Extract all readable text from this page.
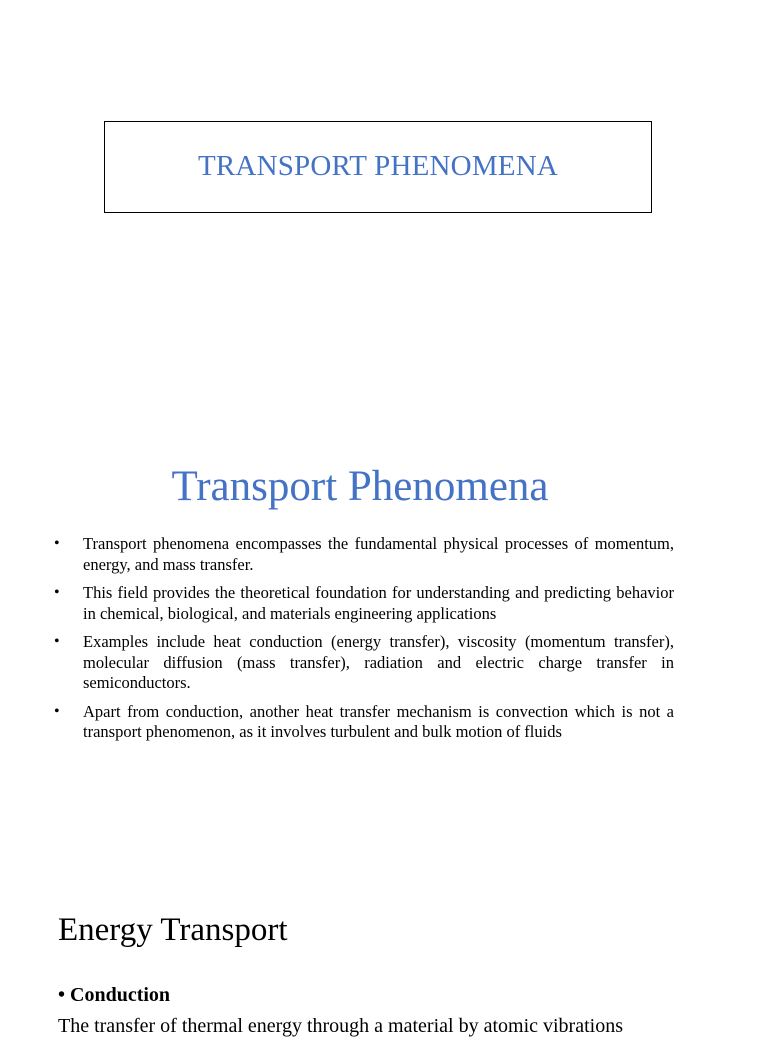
TRANSPORT PHENOMENA
Transport Phenomena
• Transport phenomena encompasses the fundamental physical processes of momentum, energy, and mass transfer.
• This field provides the theoretical foundation for understanding and predicting behavior in chemical, biological, and materials engineering applications
• Examples include heat conduction (energy transfer), viscosity (momentum transfer), molecular diffusion (mass transfer), radiation and electric charge transfer in semiconductors.
• Apart from conduction, another heat transfer mechanism is convection which is not a transport phenomenon, as it involves turbulent and bulk motion of fluids
Energy Transport
• Conduction
The transfer of thermal energy through a material by atomic vibrations
